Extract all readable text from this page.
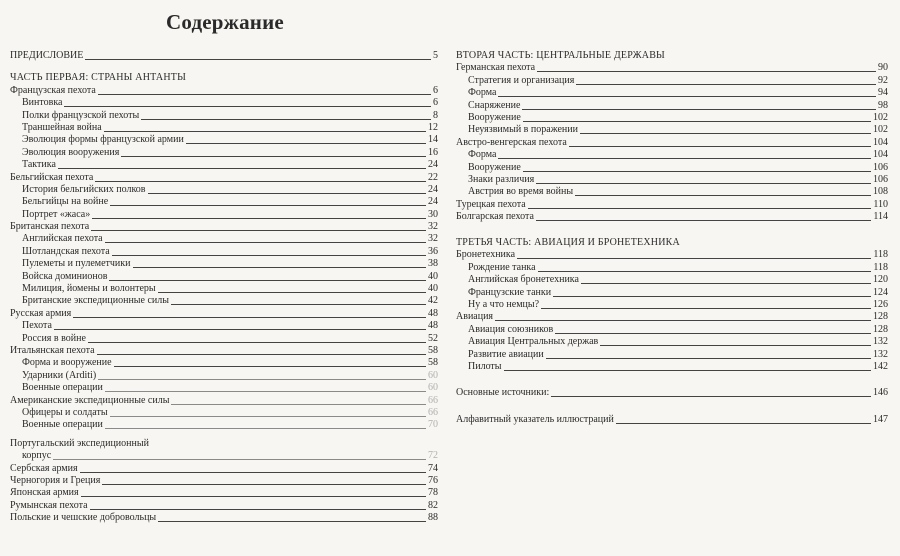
Содержание
ПРЕДИСЛОВИЕ	5
ЧАСТЬ ПЕРВАЯ: СТРАНЫ АНТАНТЫ
Французская пехота	6
Винтовка	6
Полки французской пехоты	8
Траншейная война	12
Эволюция формы французской армии	14
Эволюция вооружения	16
Тактика	24
Бельгийская пехота	22
История бельгийских полков	24
Бельгийцы на войне	24
Портрет «жаса»	30
Британская пехота	32
Английская пехота	32
Шотландская пехота	36
Пулеметы и пулеметчики	38
Войска доминионов	40
Милиция, йомены и волонтеры	40
Британские экспедиционные силы	42
Русская армия	48
Пехота	48
Россия в войне	52
Итальянская пехота	58
Форма и вооружение	58
Ударники (Arditi)	60
Военные операции	60
Американские экспедиционные силы	66
Офицеры и солдаты	66
Военные операции	70
Португальский экспедиционный
корпус	72
Сербская армия	74
Черногория и Греция	76
Японская армия	78
Румынская пехота	82
Польские и чешские добровольцы	88
ВТОРАЯ ЧАСТЬ: ЦЕНТРАЛЬНЫЕ ДЕРЖАВЫ
Германская пехота	90
Стратегия и организация	92
Форма	94
Снаряжение	98
Вооружение	102
Неуязвимый в поражении	102
Австро-венгерская пехота	104
Форма	104
Вооружение	106
Знаки различия	106
Австрия во время войны	108
Турецкая пехота	110
Болгарская пехота	114
ТРЕТЬЯ ЧАСТЬ: АВИАЦИЯ И БРОНЕТЕХНИКА
Бронетехника	118
Рождение танка	118
Английская бронетехника	120
Французские танки	124
Ну а что немцы?	126
Авиация	128
Авиация союзников	128
Авиация Центральных держав	132
Развитие авиации	132
Пилоты	142
Основные источники:	146
Алфавитный указатель иллюстраций	147
